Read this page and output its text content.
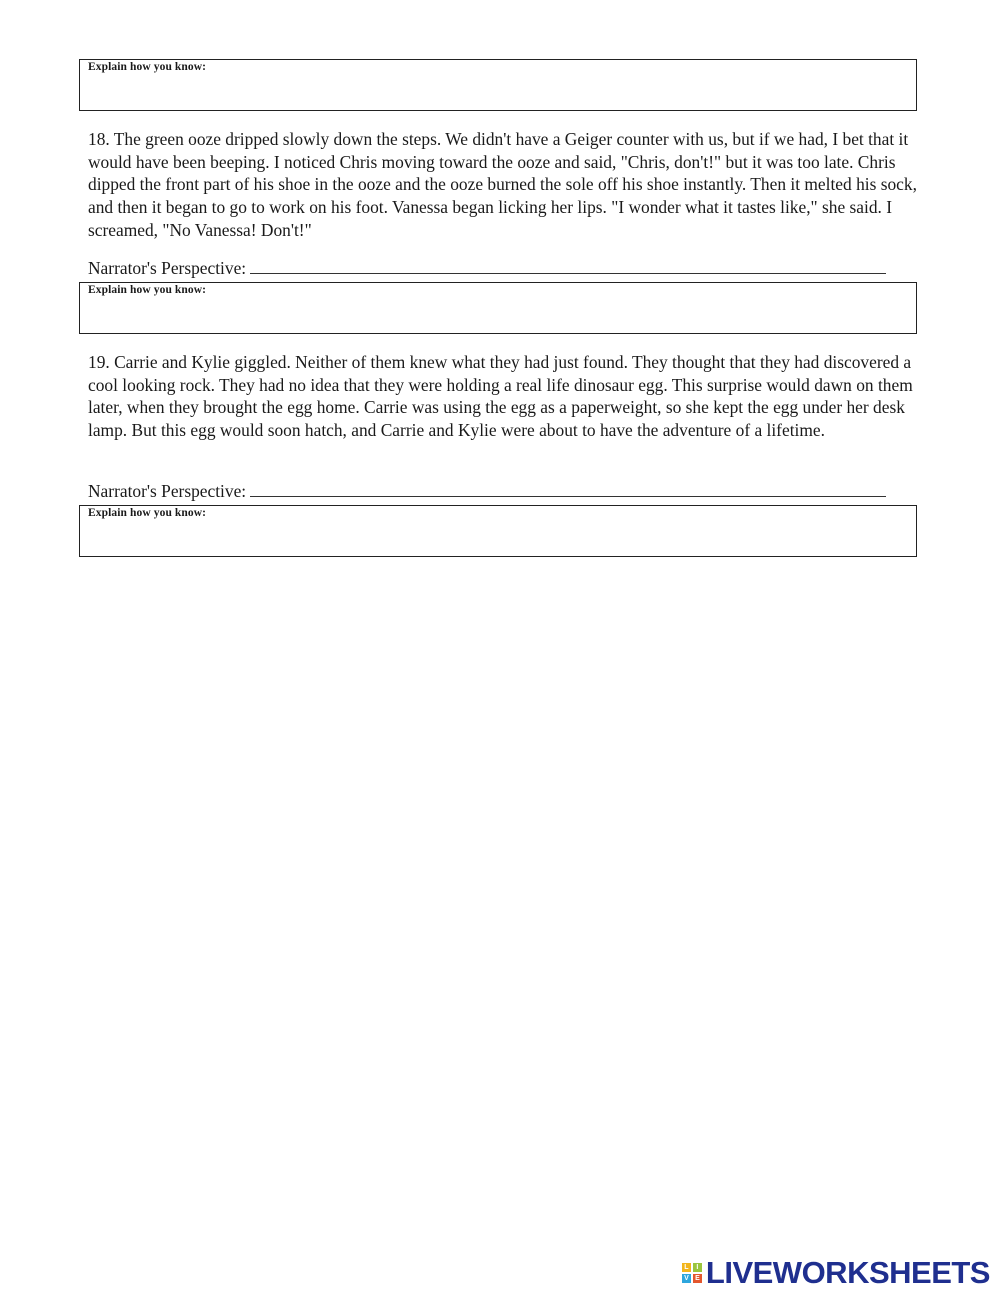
Explain how you know:

18. The green ooze dripped slowly down the steps. We didn't have a Geiger counter with us, but if we had, I bet that it would have been beeping. I noticed Chris moving toward the ooze and said, "Chris, don't!" but it was too late. Chris dipped the front part of his shoe in the ooze and the ooze burned the sole off his shoe instantly. Then it melted his sock, and then it began to go to work on his foot. Vanessa began licking her lips. "I wonder what it tastes like," she said. I screamed, "No Vanessa! Don't!"

Narrator's Perspective:
Explain how you know:

19. Carrie and Kylie giggled. Neither of them knew what they had just found. They thought that they had discovered a cool looking rock. They had no idea that they were holding a real life dinosaur egg. This surprise would dawn on them later, when they brought the egg home. Carrie was using the egg as a paperweight, so she kept the egg under her desk lamp. But this egg would soon hatch, and Carrie and Kylie were about to have the adventure of a lifetime.

Narrator's Perspective:
Explain how you know:
L	I
V E LIVEWORKSHEETS
